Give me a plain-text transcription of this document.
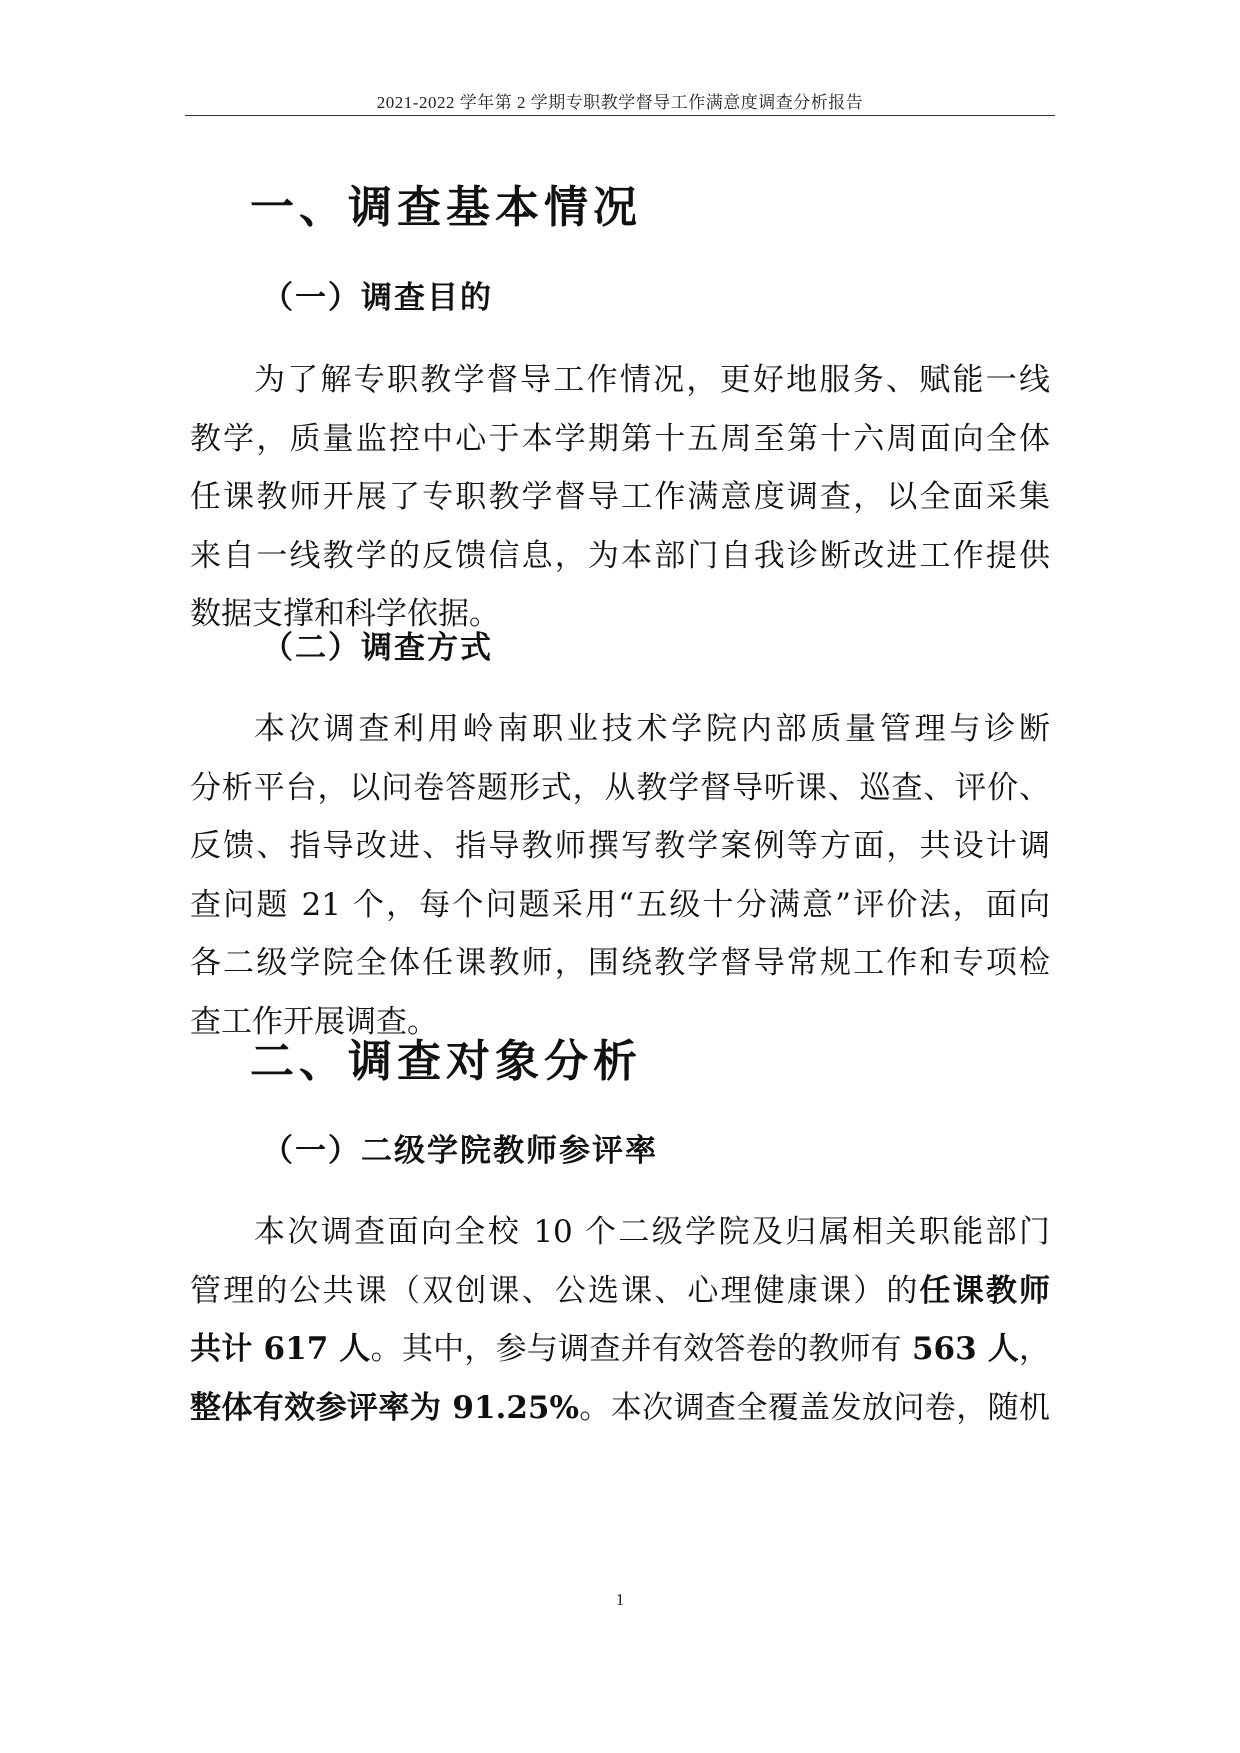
2021-2022 学年第 2 学期专职教学督导工作满意度调查分析报告
一、调查基本情况
（一）调查目的
为了解专职教学督导工作情况，更好地服务、赋能一线
教学，质量监控中心于本学期第十五周至第十六周面向全体
任课教师开展了专职教学督导工作满意度调查，以全面采集
来自一线教学的反馈信息，为本部门自我诊断改进工作提供
数据支撑和科学依据。
（二）调查方式
本次调查利用岭南职业技术学院内部质量管理与诊断
分析平台，以问卷答题形式，从教学督导听课、巡查、评价、
反馈、指导改进、指导教师撰写教学案例等方面，共设计调
查问题 21 个，每个问题采用“五级十分满意”评价法，面向
各二级学院全体任课教师，围绕教学督导常规工作和专项检
查工作开展调查。
二、调查对象分析
（一）二级学院教师参评率
本次调查面向全校 10 个二级学院及归属相关职能部门
管理的公共课（双创课、公选课、心理健康课）的任课教师
共计 617 人。其中，参与调查并有效答卷的教师有 563 人，
整体有效参评率为 91.25%。本次调查全覆盖发放问卷，随机
1
